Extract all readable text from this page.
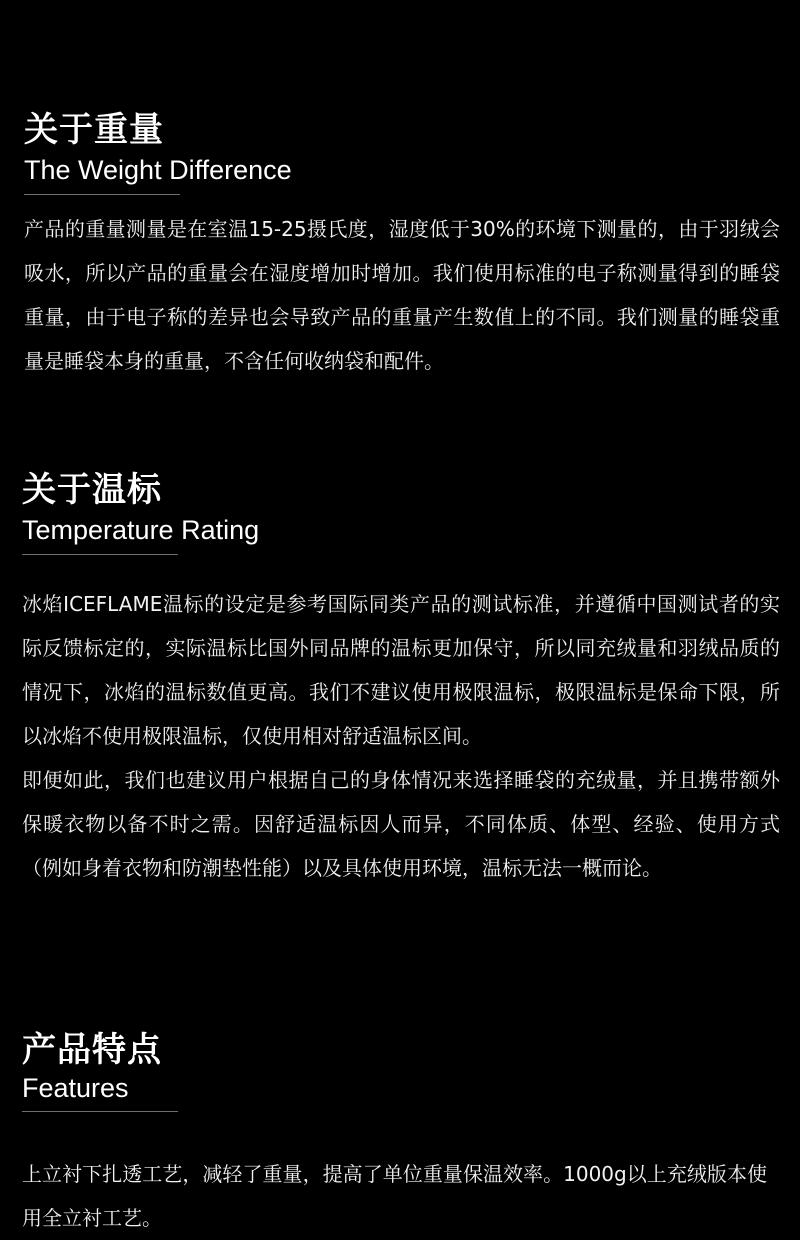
关于重量
The Weight Difference

产品的重量测量是在室温15-25摄氏度，湿度低于30%的环境下测量的，由于羽绒会吸水，所以产品的重量会在湿度增加时增加。我们使用标准的电子称测量得到的睡袋重量，由于电子称的差异也会导致产品的重量产生数值上的不同。我们测量的睡袋重量是睡袋本身的重量，不含任何收纳袋和配件。

关于温标
Temperature Rating

冰焰ICEFLAME温标的设定是参考国际同类产品的测试标准，并遵循中国测试者的实际反馈标定的，实际温标比国外同品牌的温标更加保守，所以同充绒量和羽绒品质的情况下，冰焰的温标数值更高。我们不建议使用极限温标，极限温标是保命下限，所以冰焰不使用极限温标，仅使用相对舒适温标区间。

即便如此，我们也建议用户根据自己的身体情况来选择睡袋的充绒量，并且携带额外保暖衣物以备不时之需。因舒适温标因人而异，不同体质、体型、经验、使用方式（例如身着衣物和防潮垫性能）以及具体使用环境，温标无法一概而论。

产品特点
Features

上立衬下扎透工艺，减轻了重量，提高了单位重量保温效率。1000g以上充绒版本使用全立衬工艺。
